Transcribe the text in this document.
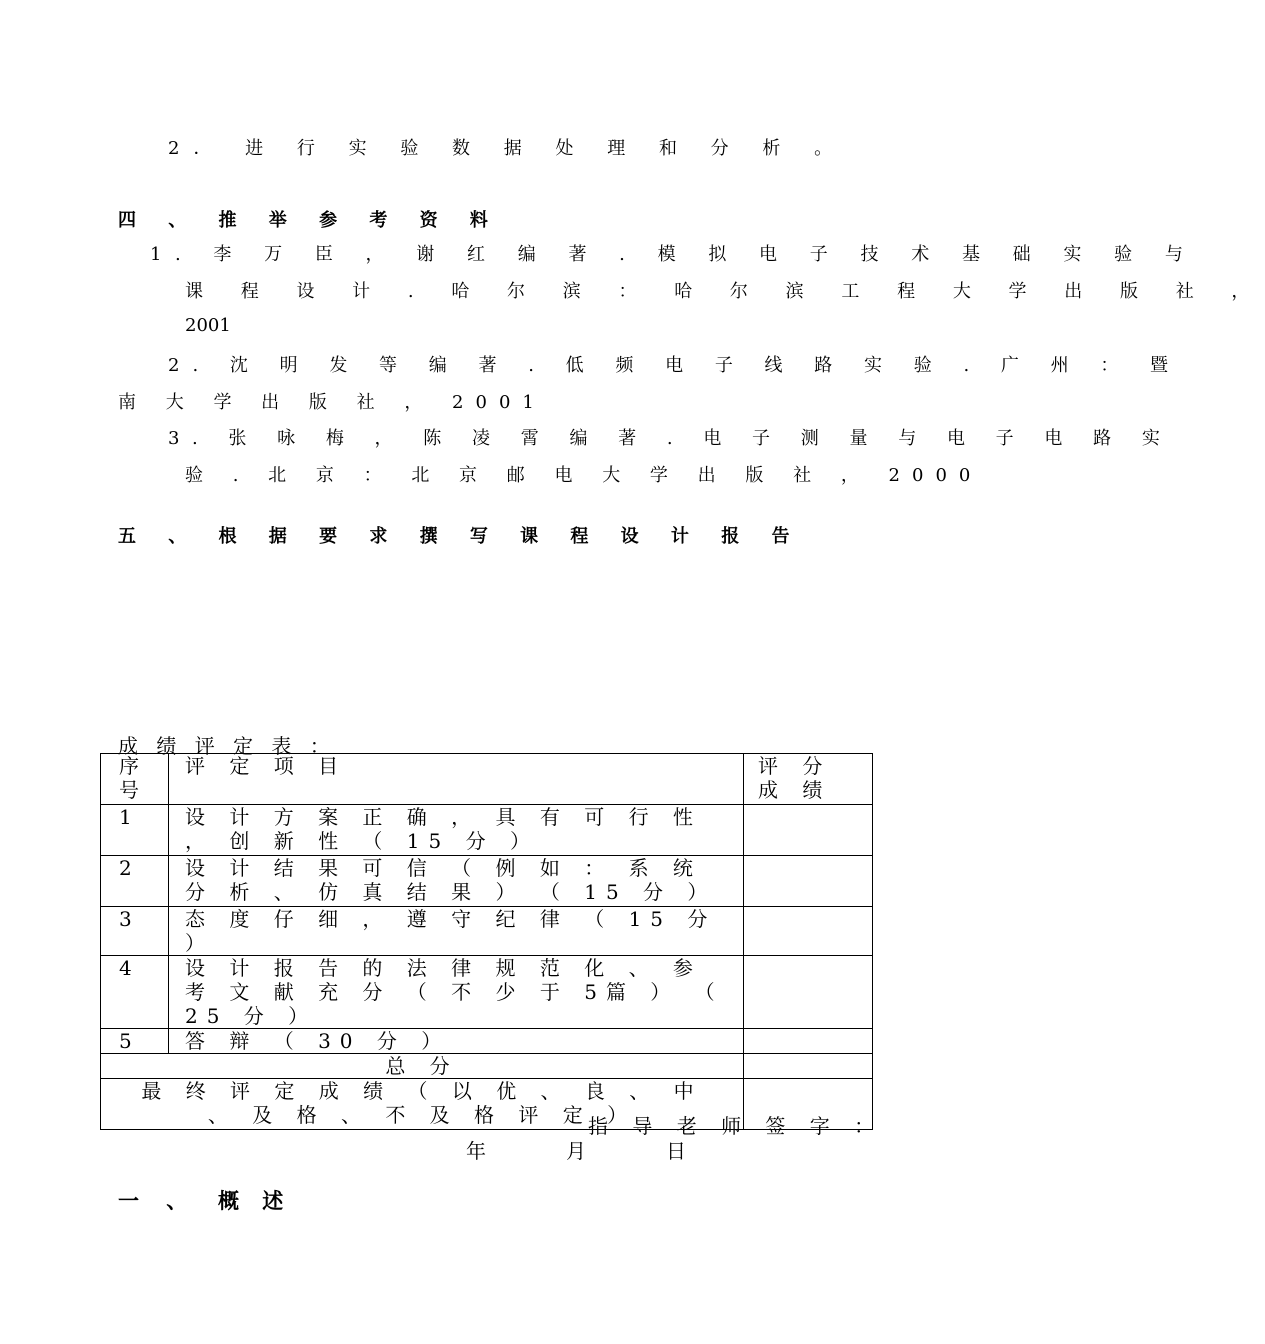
2． 进 行 实 验 数 据 处 理 和 分 析 。
四 、 推 举 参 考 资 料
1. 李 万 臣 ， 谢 红 编 著 . 模 拟 电 子 技 术 基 础 实 验 与
课 程 设 计 . 哈 尔 滨 ： 哈 尔 滨 工 程 大 学 出 版 社 ，
2001
2. 沈 明 发 等 编 著 . 低 频 电 子 线 路 实 验 . 广 州 ： 暨
南 大 学 出 版 社 ， 2001
3. 张 咏 梅 ， 陈 凌 霄 编 著 . 电 子 测 量 与 电 子 电 路 实
验 . 北 京 ： 北 京 邮 电 大 学 出 版 社 ， 2000
五 、 根 据 要 求 撰 写 课 程 设 计 报 告
成 绩 评 定 表 ：
序号	评 定 项 目	评 分 成 绩

1	设 计 方 案 正 确 ， 具 有 可 行 性 ， 创 新 性 （ 15 分 ）	

2	设 计 结 果 可 信 （ 例 如 ： 系 统 分 析 、 仿 真 结 果 ） （ 15 分 ）	

3	态 度 仔 细 ， 遵 守 纪 律 （ 15 分 ）	

4	设 计 报 告 的 法 律 规 范 化 、 参 考 文 献 充 分 （ 不 少 于 5篇 ） （ 25 分 ）	

5	答 辩 （ 30 分 ）	

总 分		

最 终 评 定 成 绩 （ 以 优 、 良 、 中 、 及 格 、 不 及 格 评 定 ）		

指 导 老 师 签 字 ：
年	月	日
一 、 概 述
